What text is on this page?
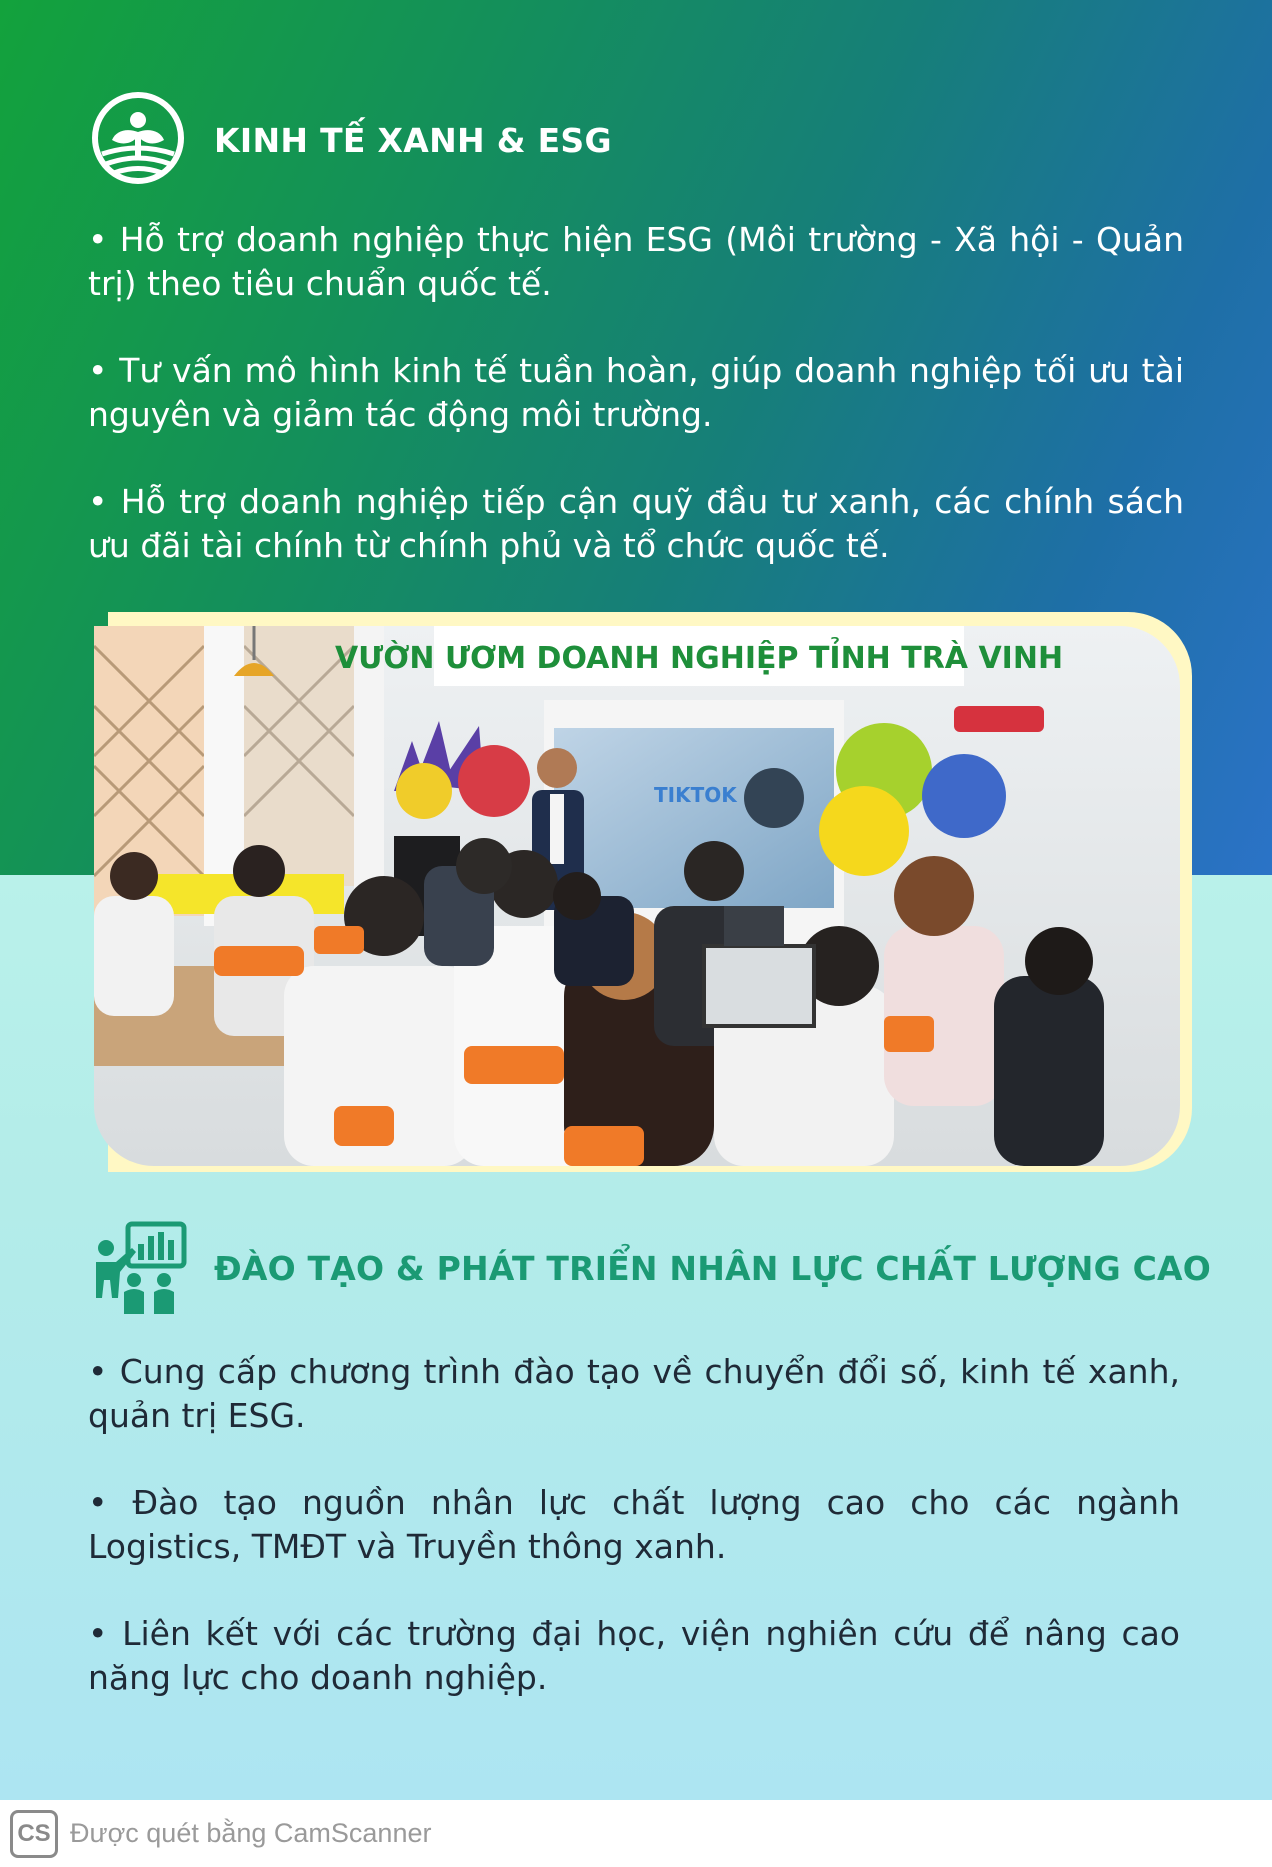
KINH TẾ XANH & ESG

• Hỗ trợ doanh nghiệp thực hiện ESG (Môi trường - Xã hội - Quản trị) theo tiêu chuẩn quốc tế.

• Tư vấn mô hình kinh tế tuần hoàn, giúp doanh nghiệp tối ưu tài nguyên và giảm tác động môi trường.

• Hỗ trợ doanh nghiệp tiếp cận quỹ đầu tư xanh, các chính sách ưu đãi tài chính từ chính phủ và tổ chức quốc tế.

VƯỜN ƯƠM DOANH NGHIỆP TỈNH TRÀ VINH
TIKTOK
ĐÀO TẠO & PHÁT TRIỂN NHÂN LỰC CHẤT LƯỢNG CAO

• Cung cấp chương trình đào tạo về chuyển đổi số, kinh tế xanh, quản trị ESG.

• Đào tạo nguồn nhân lực chất lượng cao cho các ngành Logistics, TMĐT và Truyền thông xanh.

• Liên kết với các trường đại học, viện nghiên cứu để nâng cao năng lực cho doanh nghiệp.

CS Được quét bằng CamScanner
